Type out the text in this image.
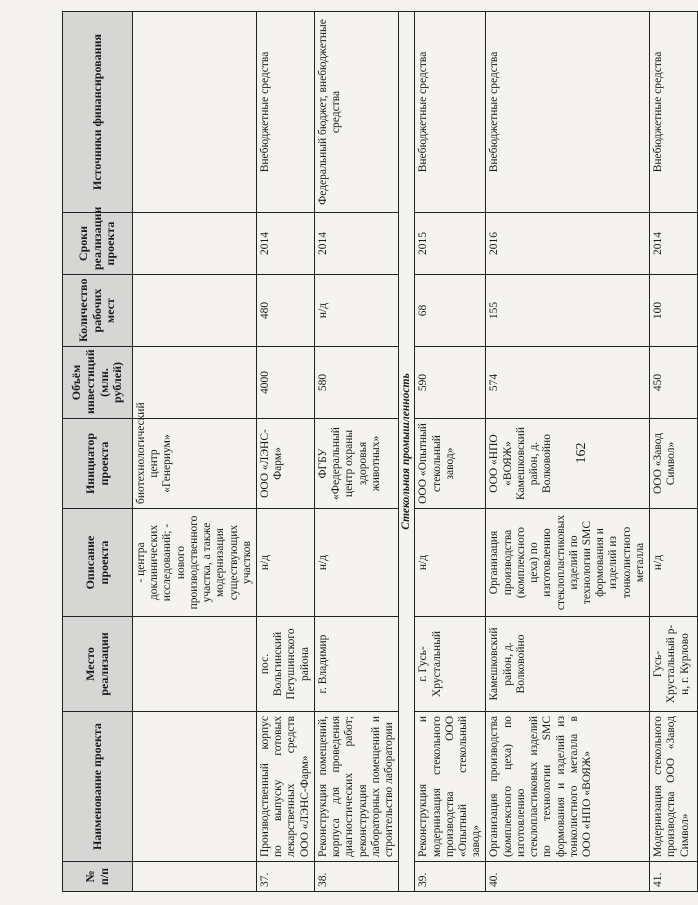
162
№ п/п	Наименование проекта	Место реализации	Описание проекта	Инициатор проекта	Объём инвестиций (млн. рублей)	Количество рабочих мест	Сроки реализации проекта	Источники финансирования
			- центра доклинических исследований; - нового производственного участка, а также модернизация существующих участков	биотехнологический центр «Генериум»				
37.	Производственный корпус по выпуску готовых лекарственных средств ООО «ЛЭНС-Фарм»	пос. Вольгинский Петушинского района	н/д	ООО «ЛЭНС-Фарм»	4000	480	2014	Внебюджетные средства
38.	Реконструкция помещений, корпуса для проведения диагностических работ; реконструкция лабораторных помещений и строительство лаборатории	г. Владимир	н/д	ФГБУ «Федеральный центр охраны здоровья животных»	580	н/д	2014	Федеральный бюджет, внебюджетные средства
Стекольная промышленность								
39.	Реконструкция и модернизация стекольного производства ООО «Опытный стекольный завод»	г. Гусь-Хрустальный	н/д	ООО «Опытный стекольный завод»	590	68	2015	Внебюджетные средства
40.	Организация производства (комплексного цеха) по изготовлению стеклопластиковых изделий по технологии SMC формования и изделий из тонколистного металла в ООО «НПО «ВОЯЖ»	Камешковский район, д. Волковойно	Организация производства (комплексного цеха) по изготовлению стеклопластиковых изделий по технологии SMC формования и изделий из тонколистного металла	ООО «НПО «ВОЯЖ» Камешковский район, д. Волковойно	574	155	2016	Внебюджетные средства
41.	Модернизация стекольного производства ООО «Завод Символ»	Гусь-Хрустальный р-н, г. Курлово	н/д	ООО «Завод Символ»	450	100	2014	Внебюджетные средства
